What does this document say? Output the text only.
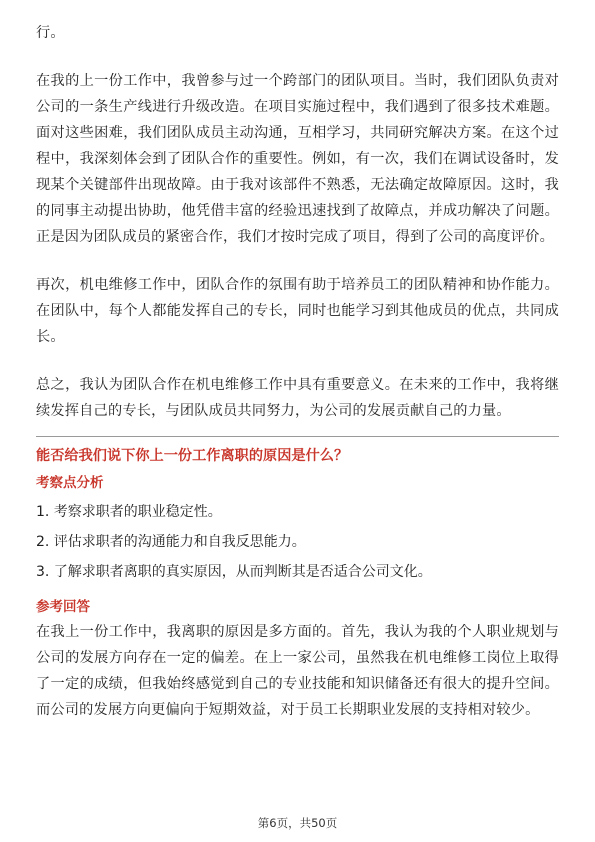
行。

在我的上一份工作中，我曾参与过一个跨部门的团队项目。当时，我们团队负责对公司的一条生产线进行升级改造。在项目实施过程中，我们遇到了很多技术难题。面对这些困难，我们团队成员主动沟通，互相学习，共同研究解决方案。在这个过程中，我深刻体会到了团队合作的重要性。例如，有一次，我们在调试设备时，发现某个关键部件出现故障。由于我对该部件不熟悉，无法确定故障原因。这时，我的同事主动提出协助，他凭借丰富的经验迅速找到了故障点，并成功解决了问题。正是因为团队成员的紧密合作，我们才按时完成了项目，得到了公司的高度评价。

再次，机电维修工作中，团队合作的氛围有助于培养员工的团队精神和协作能力。在团队中，每个人都能发挥自己的专长，同时也能学习到其他成员的优点，共同成长。

总之，我认为团队合作在机电维修工作中具有重要意义。在未来的工作中，我将继续发挥自己的专长，与团队成员共同努力，为公司的发展贡献自己的力量。

能否给我们说下你上一份工作离职的原因是什么？

考察点分析

1. 考察求职者的职业稳定性。

2. 评估求职者的沟通能力和自我反思能力。

3. 了解求职者离职的真实原因，从而判断其是否适合公司文化。

参考回答

在我上一份工作中，我离职的原因是多方面的。首先，我认为我的个人职业规划与公司的发展方向存在一定的偏差。在上一家公司，虽然我在机电维修工岗位上取得了一定的成绩，但我始终感觉到自己的专业技能和知识储备还有很大的提升空间。而公司的发展方向更偏向于短期效益，对于员工长期职业发展的支持相对较少。

第6页，共50页
